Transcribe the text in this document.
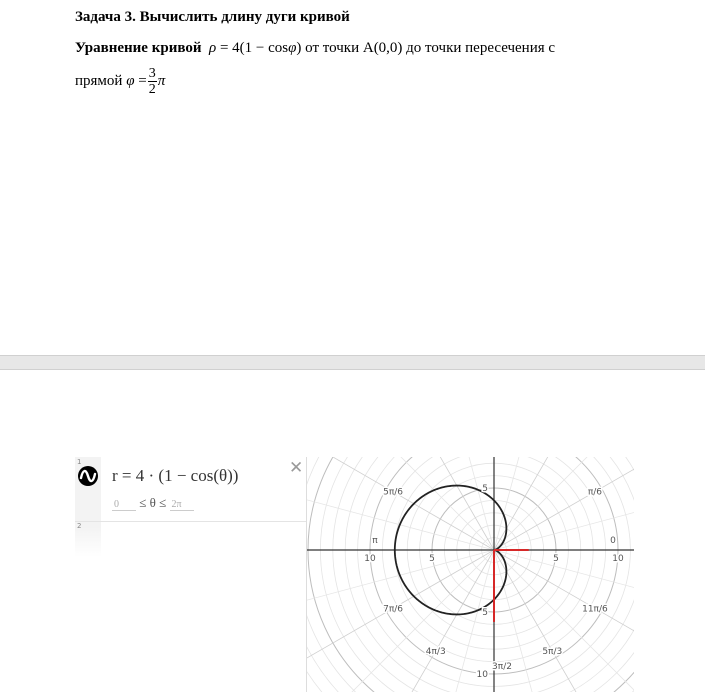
Задача 3. Вычислить длину дуги кривой
Уравнение кривой ρ = 4(1 − cosφ) от точки A(0,0) до точки пересечения с
прямой $\varphi = \frac{3}{2}$ π
1
r = 4 · (1 − cos(θ))	✕
0 ≤ θ ≤ 2π
2
10	5	5	10
5
5
10
0
π/6
5π/6
π
7π/6
4π/3
3π/2
5π/3
11π/6
